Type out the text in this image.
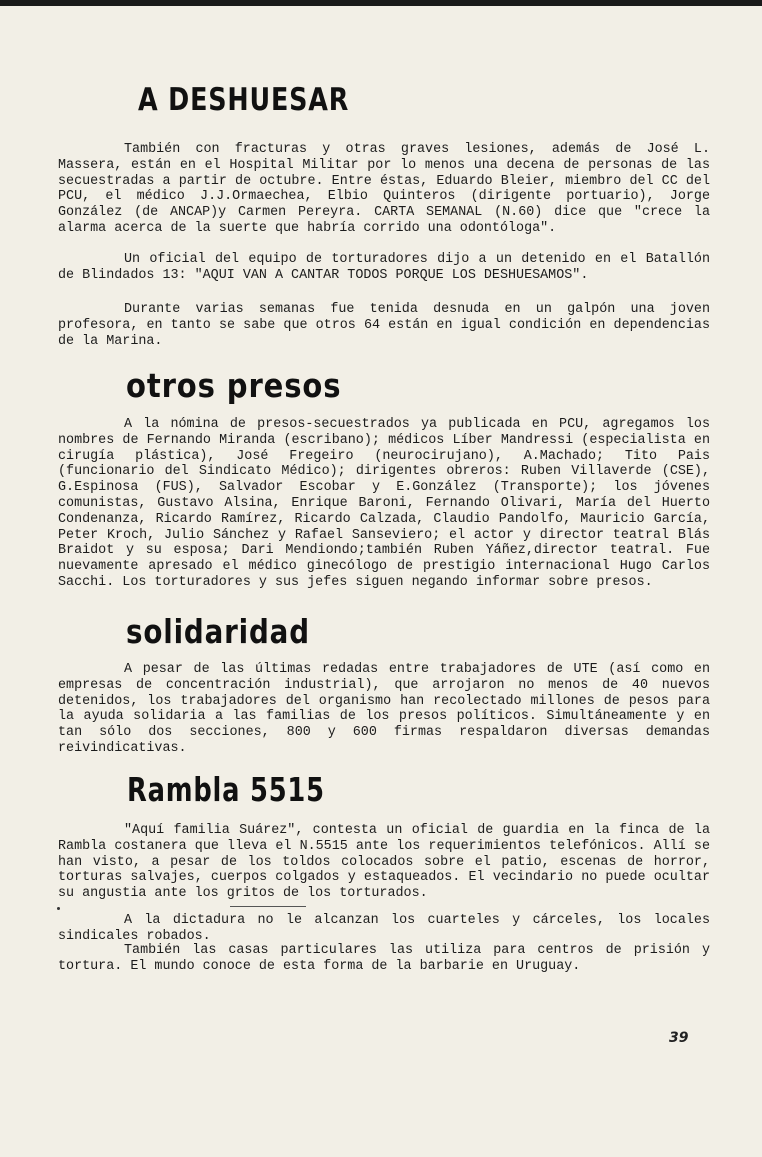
A DESHUESAR

También con fracturas y otras graves lesiones, además de José L. Massera, están en el Hospital Militar por lo menos una decena de personas de las secuestradas a partir de octubre. Entre éstas, Eduardo Bleier, miembro del CC del PCU, el médico J.J.Ormaechea, Elbio Quinteros (dirigente portuario), Jorge González (de ANCAP)y Carmen Pereyra. CARTA SEMANAL (N.60) dice que "crece la alarma acerca de la suerte que habría corrido una odontóloga".

Un oficial del equipo de torturadores dijo a un detenido en el Batallón de Blindados 13: "AQUI VAN A CANTAR TODOS PORQUE LOS DESHUESAMOS".

Durante varias semanas fue tenida desnuda en un galpón una joven profesora, en tanto se sabe que otros 64 están en igual condición en dependencias de la Marina.

otros presos

A la nómina de presos-secuestrados ya publicada en PCU, agregamos los nombres de Fernando Miranda (escribano); médicos Líber Mandressi (especialista en cirugía plástica), José Fregeiro (neurocirujano), A.Machado; Tito Pais (funcionario del Sindicato Médico); dirigentes obreros: Ruben Villaverde (CSE), G.Espinosa (FUS), Salvador Escobar y E.González (Transporte); los jóvenes comunistas, Gustavo Alsina, Enrique Baroni, Fernando Olivari, María del Huerto Condenanza, Ricardo Ramírez, Ricardo Calzada, Claudio Pandolfo, Mauricio García, Peter Kroch, Julio Sánchez y Rafael Sanseviero; el actor y director teatral Blás Braidot y su esposa; Dari Mendiondo;también Ruben Yáñez,director teatral. Fue nuevamente apresado el médico ginecólogo de prestigio internacional Hugo Carlos Sacchi. Los torturadores y sus jefes siguen negando informar sobre presos.

solidaridad

A pesar de las últimas redadas entre trabajadores de UTE (así como en empresas de concentración industrial), que arrojaron no menos de 40 nuevos detenidos, los trabajadores del organismo han recolectado millones de pesos para la ayuda solidaria a las familias de los presos políticos. Simultáneamente y en tan sólo dos secciones, 800 y 600 firmas respaldaron diversas demandas reivindicativas.

Rambla 5515

"Aquí familia Suárez", contesta un oficial de guardia en la finca de la Rambla costanera que lleva el N.5515 ante los requerimientos telefónicos. Allí se han visto, a pesar de los toldos colocados sobre el patio, escenas de horror, torturas salvajes, cuerpos colgados y estaqueados. El vecindario no puede ocultar su angustia ante los gritos de los torturados.

A la dictadura no le alcanzan los cuarteles y cárceles, los locales sindicales robados.

También las casas particulares las utiliza para centros de prisión y tortura. El mundo conoce de esta forma de la barbarie en Uruguay.

39
